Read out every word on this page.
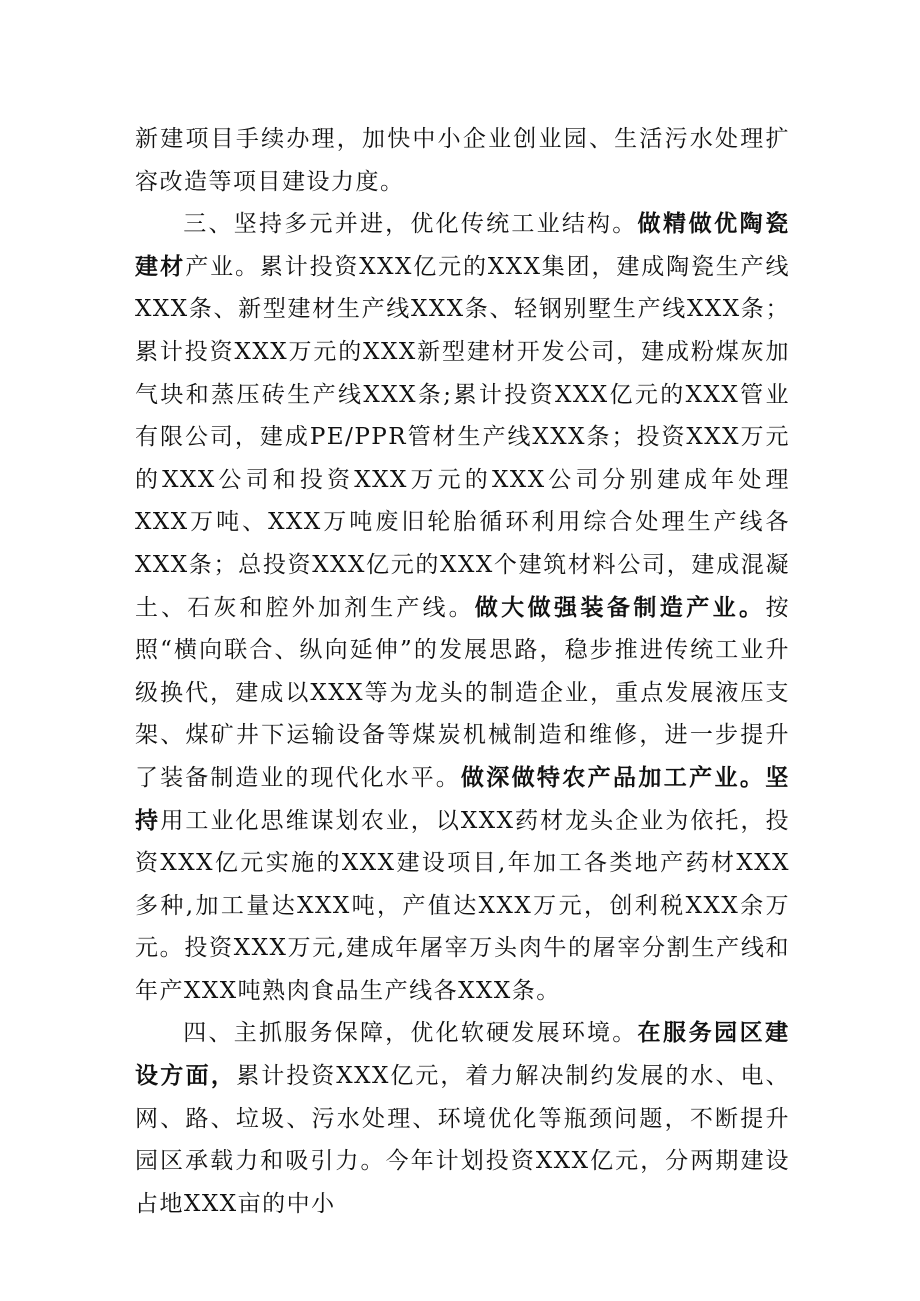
新建项目手续办理，加快中小企业创业园、生活污水处理扩容改造等项目建设力度。

三、坚持多元并进，优化传统工业结构。做精做优陶瓷建材产业。累计投资XXX亿元的XXX集团，建成陶瓷生产线XXX条、新型建材生产线XXX条、轻钢别墅生产线XXX条；累计投资XXX万元的XXX新型建材开发公司，建成粉煤灰加气块和蒸压砖生产线XXX条;累计投资XXX亿元的XXX管业有限公司，建成PE/PPR管材生产线XXX条；投资XXX万元的XXX公司和投资XXX万元的XXX公司分别建成年处理XXX万吨、XXX万吨废旧轮胎循环利用综合处理生产线各XXX条；总投资XXX亿元的XXX个建筑材料公司，建成混凝土、石灰和腔外加剂生产线。做大做强装备制造产业。按照“横向联合、纵向延伸”的发展思路，稳步推进传统工业升级换代，建成以XXX等为龙头的制造企业，重点发展液压支架、煤矿井下运输设备等煤炭机械制造和维修，进一步提升了装备制造业的现代化水平。做深做特农产品加工产业。坚持用工业化思维谋划农业，以XXX药材龙头企业为依托，投资XXX亿元实施的XXX建设项目,年加工各类地产药材XXX多种,加工量达XXX吨，产值达XXX万元，创利税XXX余万元。投资XXX万元,建成年屠宰万头肉牛的屠宰分割生产线和年产XXX吨熟肉食品生产线各XXX条。

四、主抓服务保障，优化软硬发展环境。在服务园区建设方面，累计投资XXX亿元，着力解决制约发展的水、电、网、路、垃圾、污水处理、环境优化等瓶颈问题，不断提升园区承载力和吸引力。今年计划投资XXX亿元，分两期建设占地XXX亩的中小
